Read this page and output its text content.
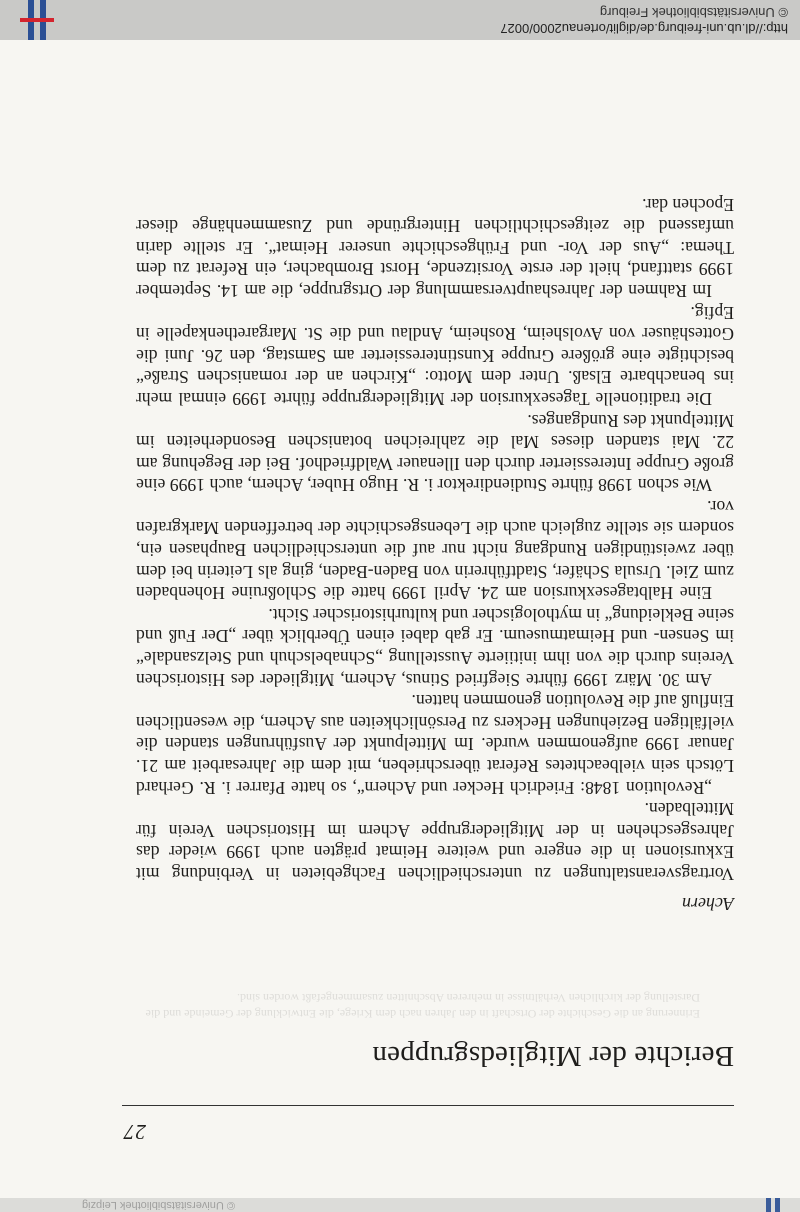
© Universitätsbibliothek Leipzig
27
Berichte der Mitgliedsgruppen
Erinnerung an die Geschichte der Ortschaft in den Jahren nach dem Kriege, die Entwicklung der Gemeinde und die Darstellung der kirchlichen Verhältnisse in mehreren Abschnitten zusammengefaßt worden sind.
Achern

Vortragsveranstaltungen zu unterschiedlichen Fachgebieten in Verbindung mit Exkursionen in die engere und weitere Heimat prägten auch 1999 wieder das Jahresgeschehen in der Mitgliedergruppe Achern im Historischen Verein für Mittelbaden.

„Revolution 1848: Friedrich Hecker und Achern“, so hatte Pfarrer i. R. Gerhard Lötsch sein vielbeachtetes Referat überschrieben, mit dem die Jahresarbeit am 21. Januar 1999 aufgenommen wurde. Im Mittelpunkt der Ausführungen standen die vielfältigen Beziehungen Heckers zu Persönlichkeiten aus Achern, die wesentlichen Einfluß auf die Revolution genommen hatten.

Am 30. März 1999 führte Siegfried Stinus, Achern, Mitglieder des Historischen Vereins durch die von ihm initiierte Ausstellung „Schnabelschuh und Stelzsandale“ im Sensen- und Heimatmuseum. Er gab dabei einen Überblick über „Der Fuß und seine Bekleidung“ in mythologischer und kulturhistorischer Sicht.

Eine Halbtagesexkursion am 24. April 1999 hatte die Schloßruine Hohenbaden zum Ziel. Ursula Schäfer, Stadtführerin von Baden-Baden, ging als Leiterin bei dem über zweistündigen Rundgang nicht nur auf die unterschiedlichen Bauphasen ein, sondern sie stellte zugleich auch die Lebensgeschichte der betreffenden Markgrafen vor.

Wie schon 1998 führte Studiendirektor i. R. Hugo Huber, Achern, auch 1999 eine große Gruppe Interessierter durch den Illenauer Waldfriedhof. Bei der Begehung am 22. Mai standen dieses Mal die zahlreichen botanischen Besonderheiten im Mittelpunkt des Rundganges.

Die traditionelle Tagesexkursion der Mitgliedergruppe führte 1999 einmal mehr ins benachbarte Elsaß. Unter dem Motto: „Kirchen an der romanischen Straße“ besichtigte eine größere Gruppe Kunstinteressierter am Samstag, den 26. Juni die Gotteshäuser von Avolsheim, Rosheim, Andlau und die St. Margarethenkapelle in Epfig.

Im Rahmen der Jahreshauptversammlung der Ortsgruppe, die am 14. September 1999 stattfand, hielt der erste Vorsitzende, Horst Brombacher, ein Referat zu dem Thema: „Aus der Vor- und Frühgeschichte unserer Heimat“. Er stellte darin umfassend die zeitgeschichtlichen Hintergründe und Zusammenhänge dieser Epochen dar.

http://dl.ub.uni-freiburg.de/diglit/ortenau2000/0027
© Universitätsbibliothek Freiburg
